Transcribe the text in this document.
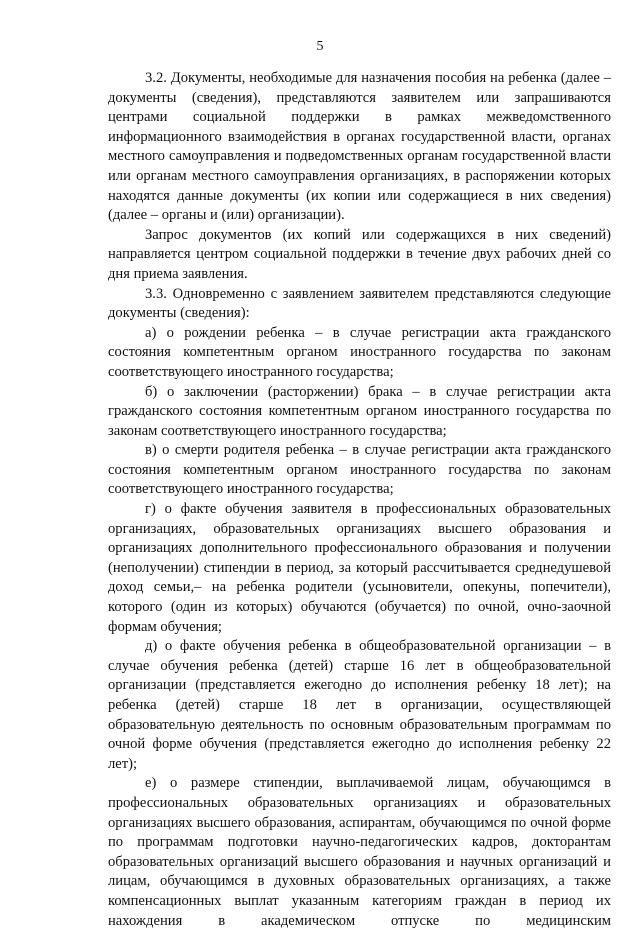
5

3.2. Документы, необходимые для назначения пособия на ребенка (далее – документы (сведения), представляются заявителем или запрашиваются центрами социальной поддержки в рамках межведомственного информационного взаимодействия в органах государственной власти, органах местного самоуправления и подведомственных органам государственной власти или органам местного самоуправления организациях, в распоряжении которых находятся данные документы (их копии или содержащиеся в них сведения) (далее – органы и (или) организации).

Запрос документов (их копий или содержащихся в них сведений) направляется центром социальной поддержки в течение двух рабочих дней со дня приема заявления.

3.3. Одновременно с заявлением заявителем представляются следующие документы (сведения):

а) о рождении ребенка – в случае регистрации акта гражданского состояния компетентным органом иностранного государства по законам соответствующего иностранного государства;

б) о заключении (расторжении) брака – в случае регистрации акта гражданского состояния компетентным органом иностранного государства по законам соответствующего иностранного государства;

в) о смерти родителя ребенка – в случае регистрации акта гражданского состояния компетентным органом иностранного государства по законам соответствующего иностранного государства;

г) о факте обучения заявителя в профессиональных образовательных организациях, образовательных организациях высшего образования и организациях дополнительного профессионального образования и получении (неполучении) стипендии в период, за который рассчитывается среднедушевой доход семьи,– на ребенка родители (усыновители, опекуны, попечители), которого (один из которых) обучаются (обучается) по очной, очно-заочной формам обучения;

д) о факте обучения ребенка в общеобразовательной организации – в случае обучения ребенка (детей) старше 16 лет в общеобразовательной организации (представляется ежегодно до исполнения ребенку 18 лет); на ребенка (детей) старше 18 лет в организации, осуществляющей образовательную деятельность по основным образовательным программам по очной форме обучения (представляется ежегодно до исполнения ребенку 22 лет);

е) о размере стипендии, выплачиваемой лицам, обучающимся в профессиональных образовательных организациях и образовательных организациях высшего образования, аспирантам, обучающимся по очной форме по программам подготовки научно-педагогических кадров, докторантам образовательных организаций высшего образования и научных организаций и лицам, обучающимся в духовных образовательных организациях, а также компенсационных выплат указанным категориям граждан в период их нахождения в академическом отпуске по медицинским
